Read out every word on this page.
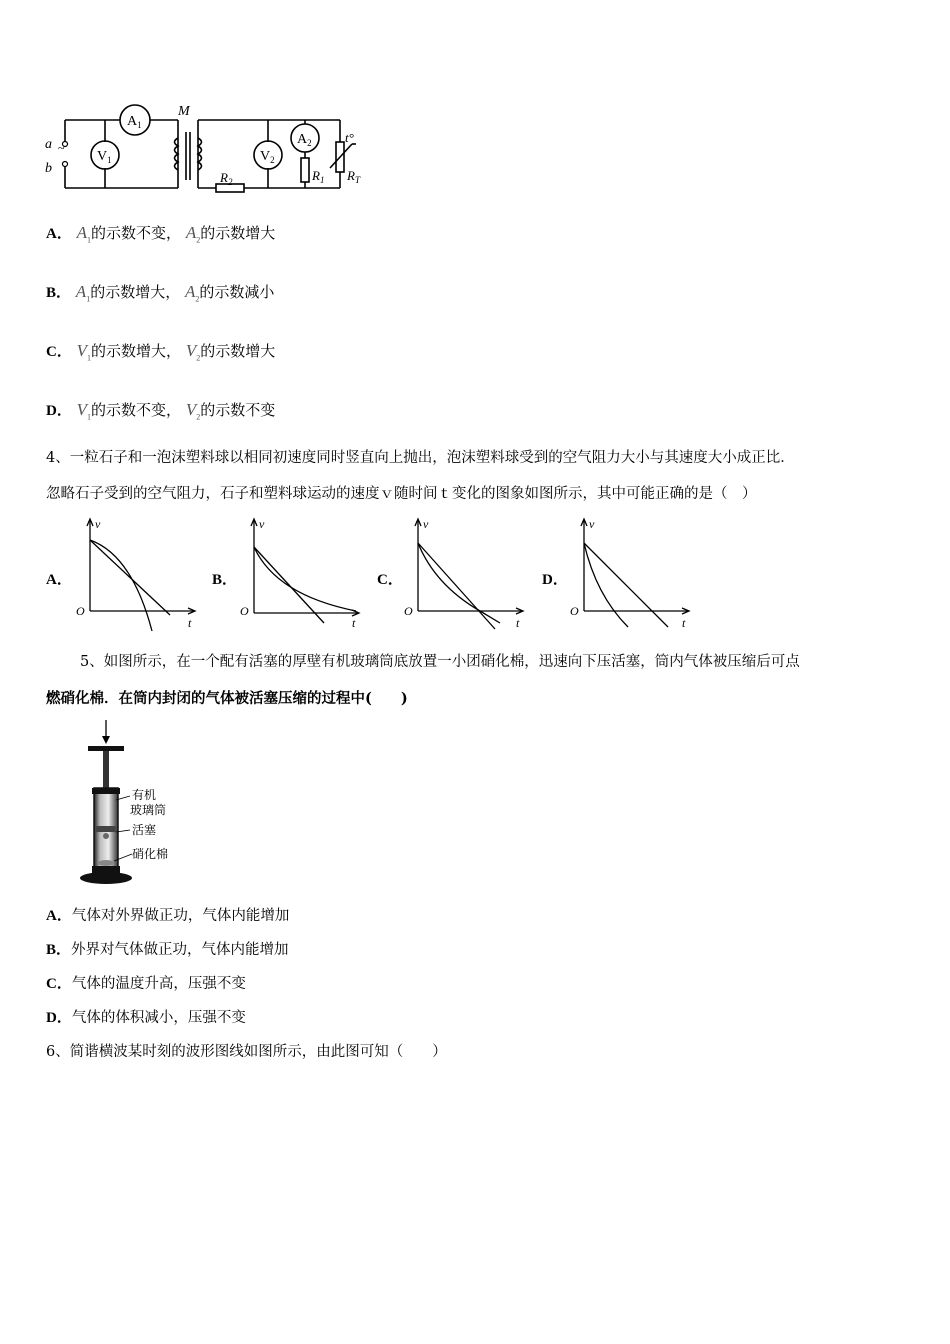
~
a
b
$A_1$
$V_1$
M
$V_2$
$A_2$
$R_2$	$R_1$ $R_T$
t°
A． $A_1$的示数不变， $A_2$的示数增大
B． $A_1$的示数增大， $A_2$的示数减小
C． $V_1$的示数增大， $V_2$的示数增大
D． $V_1$的示数不变， $V_2$的示数不变
4、一粒石子和一泡沫塑料球以相同初速度同时竖直向上抛出，泡沫塑料球受到的空气阻力大小与其速度大小成正比．
忽略石子受到的空气阻力，石子和塑料球运动的速度ｖ随时间ｔ变化的图象如图所示，其中可能正确的是（　）
A．
v
t
O
B．
v
t
O
C．
v
t
O
D．
v
t
O
5、如图所示，在一个配有活塞的厚壁有机玻璃筒底放置一小团硝化棉，迅速向下压活塞，筒内气体被压缩后可点
燃硝化棉．在筒内封闭的气体被活塞压缩的过程中(　　)
有机
玻璃筒
活塞
硝化棉
A．气体对外界做正功，气体内能增加
B．外界对气体做正功，气体内能增加
C．气体的温度升高，压强不变
D．气体的体积减小，压强不变
6、简谐横波某时刻的波形图线如图所示，由此图可知（　　）
